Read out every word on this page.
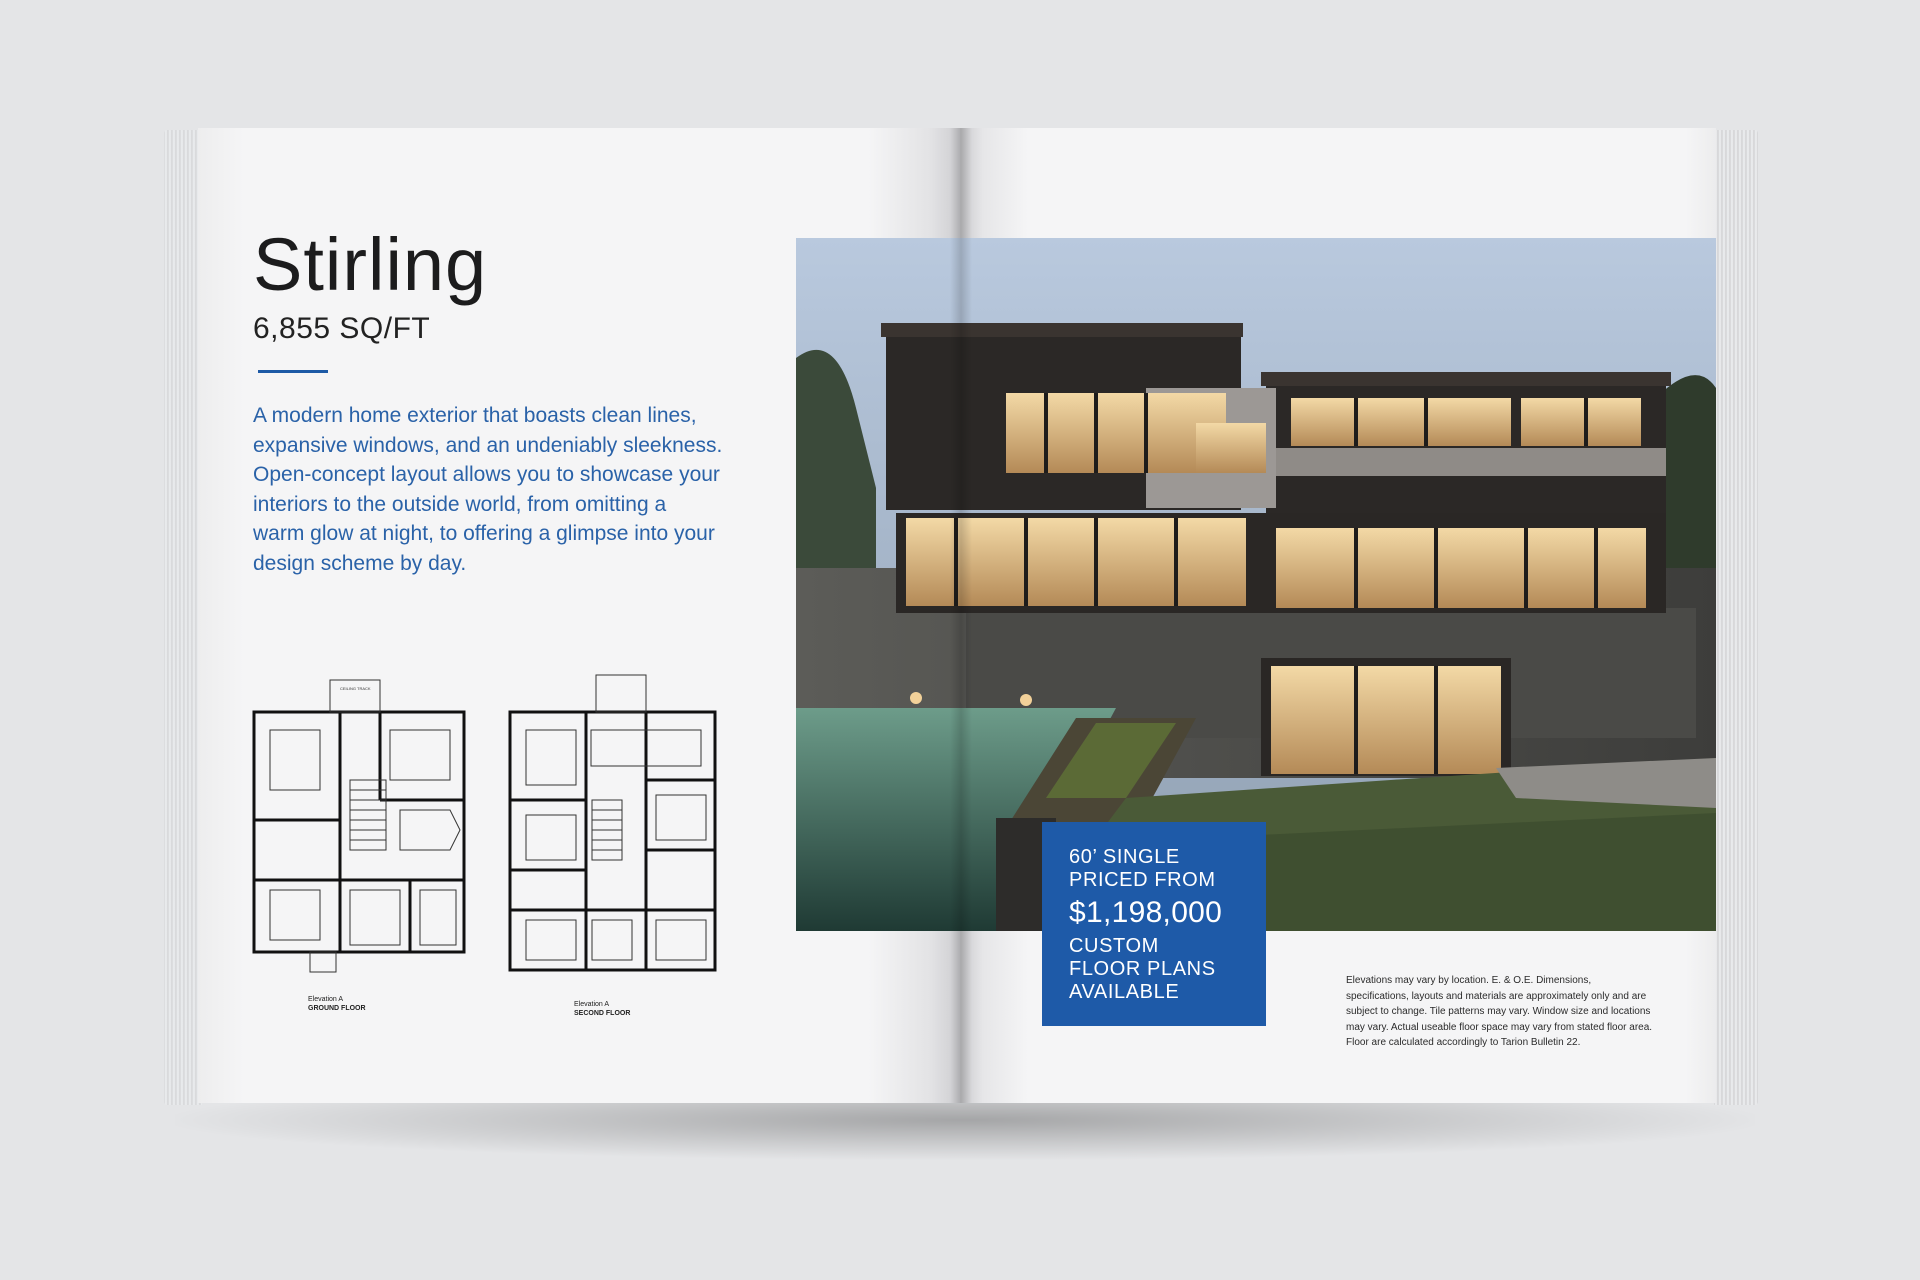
Stirling
6,855 SQ/FT

A modern home exterior that boasts clean lines, expansive windows, and an undeniably sleekness. Open-concept layout allows you to showcase your interiors to the outside world, from omitting a warm glow at night, to offering a glimpse into your design scheme by day.

CEILING TRACK
Elevation A
GROUND FLOOR
Elevation A
SECOND FLOOR
60’ SINGLE
PRICED FROM
$1,198,000
CUSTOM
FLOOR PLANS
AVAILABLE

Elevations may vary by location. E. & O.E. Dimensions, specifications, layouts and materials are approximately only and are subject to change. Tile patterns may vary. Window size and locations may vary. Actual useable floor space may vary from stated floor area. Floor are calculated accordingly to Tarion Bulletin 22.
